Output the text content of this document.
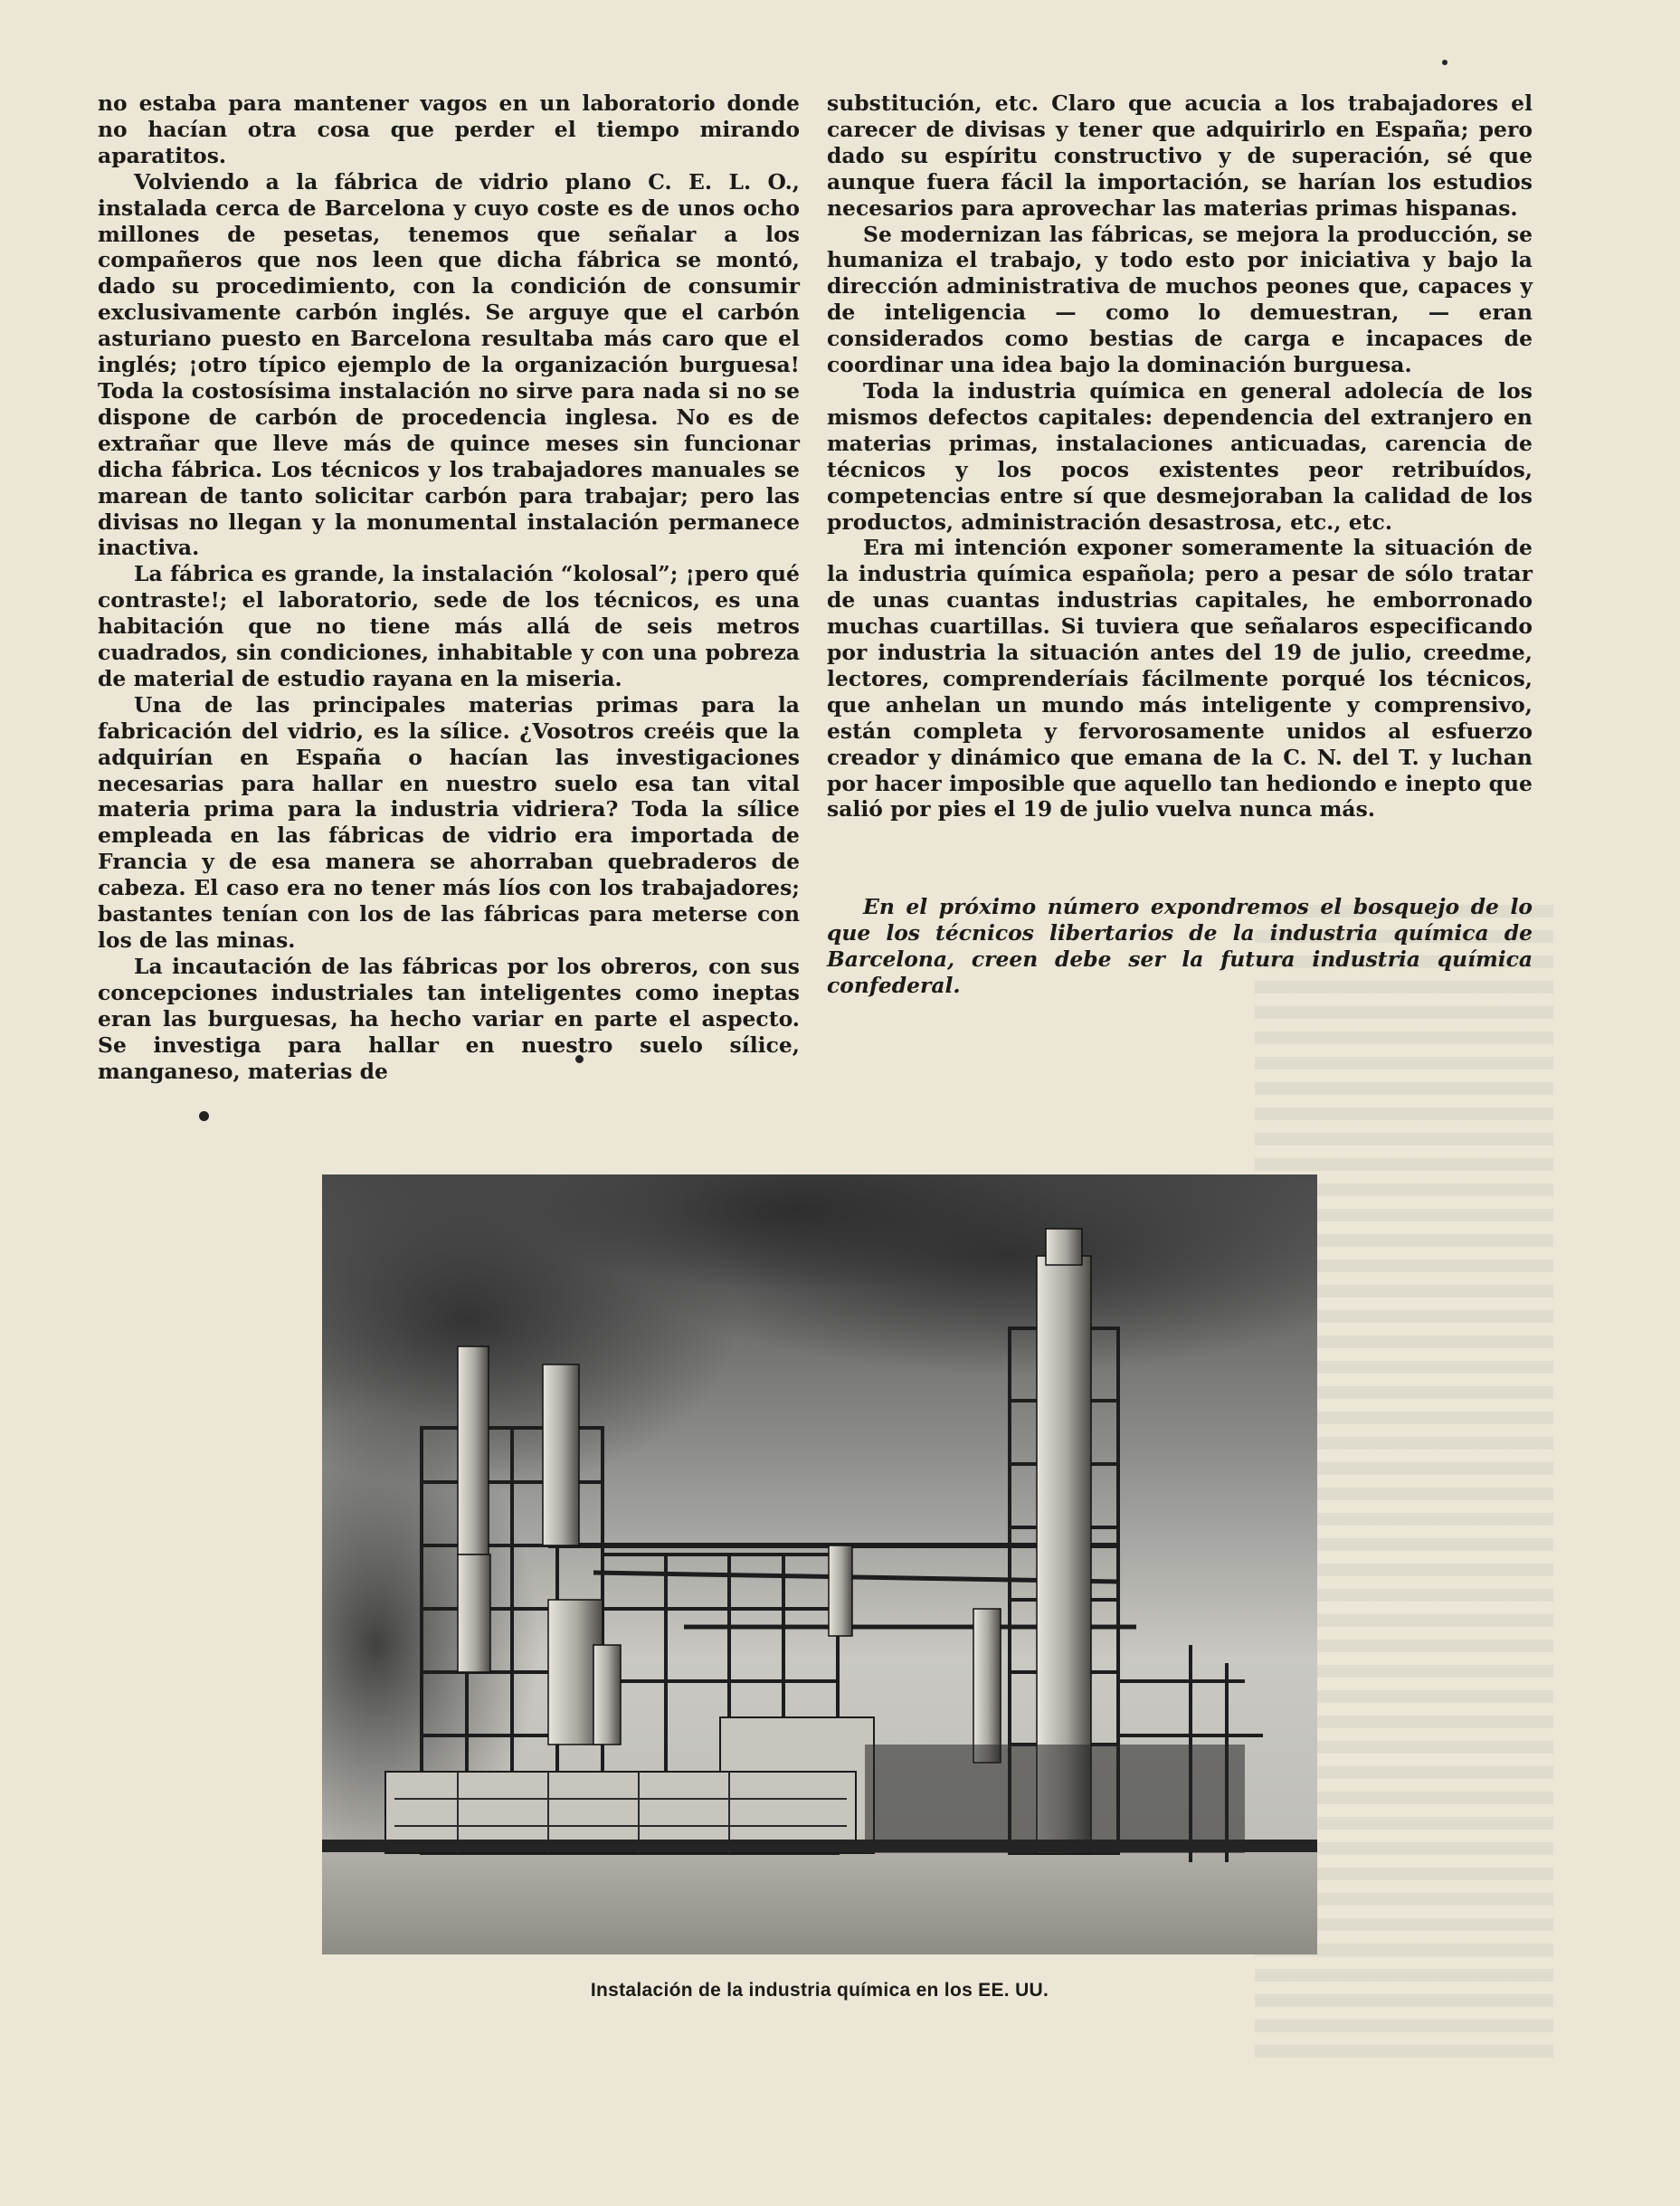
no estaba para mantener vagos en un laboratorio donde no hacían otra cosa que perder el tiempo mirando aparatitos.

Volviendo a la fábrica de vidrio plano C. E. L. O., instalada cerca de Barcelona y cuyo coste es de unos ocho millones de pesetas, tenemos que señalar a los compañeros que nos leen que dicha fábrica se montó, dado su procedimiento, con la condición de consumir exclusivamente carbón inglés. Se arguye que el carbón asturiano puesto en Barcelona resultaba más caro que el inglés; ¡otro típico ejemplo de la organización burguesa! Toda la costosísima instalación no sirve para nada si no se dispone de carbón de procedencia inglesa. No es de extrañar que lleve más de quince meses sin funcionar dicha fábrica. Los técnicos y los trabajadores manuales se marean de tanto solicitar carbón para trabajar; pero las divisas no llegan y la monumental instalación permanece inactiva.

La fábrica es grande, la instalación “kolosal”; ¡pero qué contraste!; el laboratorio, sede de los técnicos, es una habitación que no tiene más allá de seis metros cuadrados, sin condiciones, inhabitable y con una pobreza de material de estudio rayana en la miseria.

Una de las principales materias primas para la fabricación del vidrio, es la sílice. ¿Vosotros creéis que la adquirían en España o hacían las investigaciones necesarias para hallar en nuestro suelo esa tan vital materia prima para la industria vidriera? Toda la sílice empleada en las fábricas de vidrio era importada de Francia y de esa manera se ahorraban quebraderos de cabeza. El caso era no tener más líos con los trabajadores; bastantes tenían con los de las fábricas para meterse con los de las minas.

La incautación de las fábricas por los obreros, con sus concepciones industriales tan inteligentes como ineptas eran las burguesas, ha hecho variar en parte el aspecto. Se investiga para hallar en nuestro suelo sílice, manganeso, materias de

substitución, etc. Claro que acucia a los trabajadores el carecer de divisas y tener que adquirirlo en España; pero dado su espíritu constructivo y de superación, sé que aunque fuera fácil la importación, se harían los estudios necesarios para aprovechar las materias primas hispanas.

Se modernizan las fábricas, se mejora la producción, se humaniza el trabajo, y todo esto por iniciativa y bajo la dirección administrativa de muchos peones que, capaces y de inteligencia — como lo demuestran, — eran considerados como bestias de carga e incapaces de coordinar una idea bajo la dominación burguesa.

Toda la industria química en general adolecía de los mismos defectos capitales: dependencia del extranjero en materias primas, instalaciones anticuadas, carencia de técnicos y los pocos existentes peor retribuídos, competencias entre sí que desmejoraban la calidad de los productos, administración desastrosa, etc., etc.

Era mi intención exponer someramente la situación de la industria química española; pero a pesar de sólo tratar de unas cuantas industrias capitales, he emborronado muchas cuartillas. Si tuviera que señalaros especificando por industria la situación antes del 19 de julio, creedme, lectores, comprenderíais fácilmente porqué los técnicos, que anhelan un mundo más inteligente y comprensivo, están completa y fervorosamente unidos al esfuerzo creador y dinámico que emana de la C. N. del T. y luchan por hacer imposible que aquello tan hediondo e inepto que salió por pies el 19 de julio vuelva nunca más.

En el próximo número expondremos el bosquejo de lo que los técnicos libertarios de la industria química de Barcelona, creen debe ser la futura industria química confederal.
Instalación de la industria química en los EE. UU.
